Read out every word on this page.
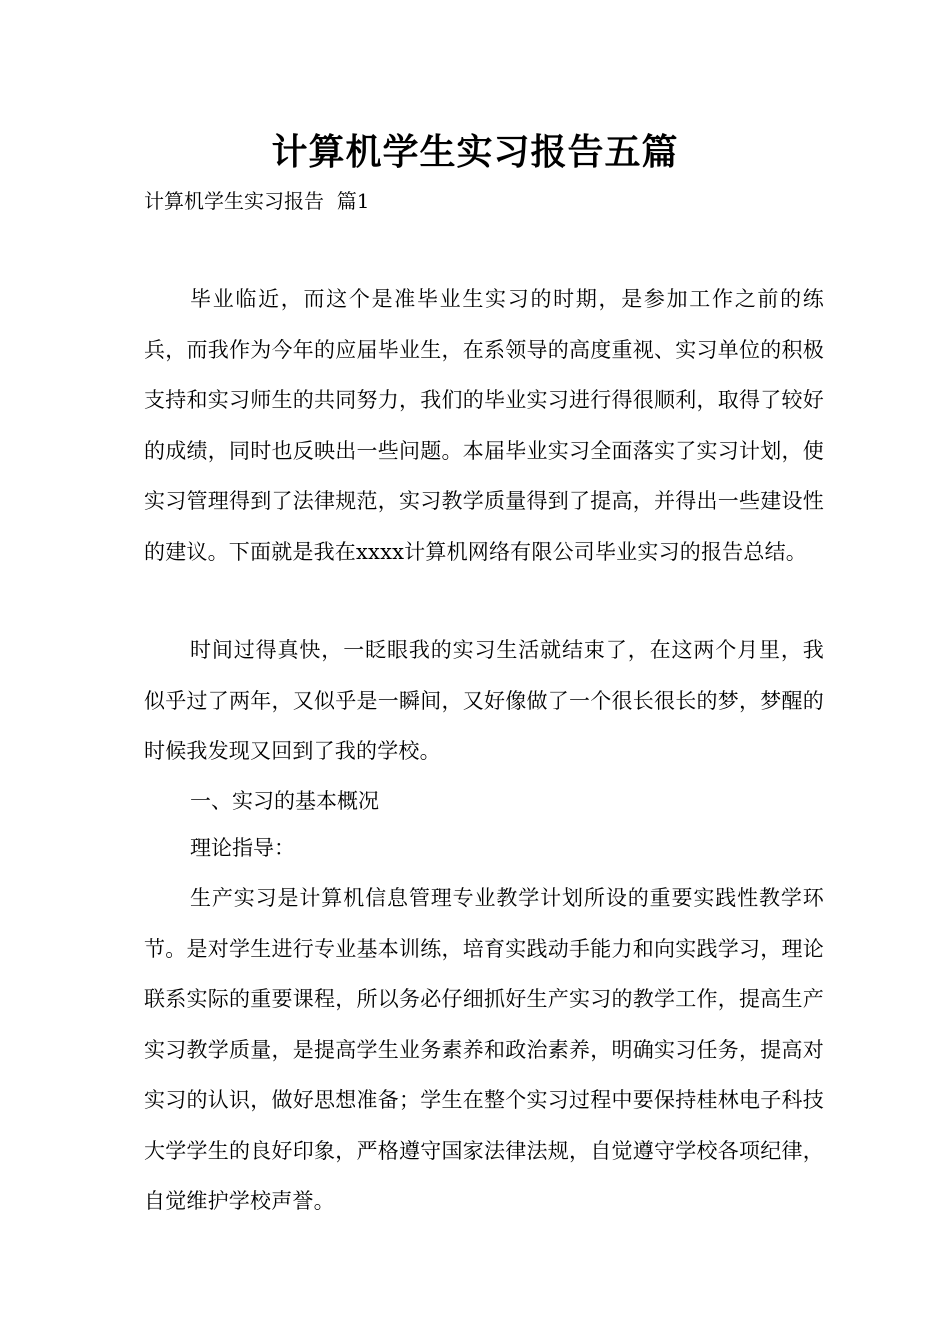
计算机学生实习报告五篇

计算机学生实习报告  篇1

毕业临近，而这个是准毕业生实习的时期，是参加工作之前的练兵，而我作为今年的应届毕业生，在系领导的高度重视、实习单位的积极支持和实习师生的共同努力，我们的毕业实习进行得很顺利，取得了较好的成绩，同时也反映出一些问题。本届毕业实习全面落实了实习计划，使实习管理得到了法律规范，实习教学质量得到了提高，并得出一些建设性的建议。下面就是我在xxxx计算机网络有限公司毕业实习的报告总结。

时间过得真快，一眨眼我的实习生活就结束了，在这两个月里，我似乎过了两年，又似乎是一瞬间，又好像做了一个很长很长的梦，梦醒的时候我发现又回到了我的学校。

一、实习的基本概况

理论指导：

生产实习是计算机信息管理专业教学计划所设的重要实践性教学环节。是对学生进行专业基本训练，培育实践动手能力和向实践学习，理论联系实际的重要课程，所以务必仔细抓好生产实习的教学工作，提高生产实习教学质量，是提高学生业务素养和政治素养，明确实习任务，提高对实习的认识，做好思想准备；学生在整个实习过程中要保持桂林电子科技大学学生的良好印象，严格遵守国家法律法规，自觉遵守学校各项纪律，自觉维护学校声誉。
